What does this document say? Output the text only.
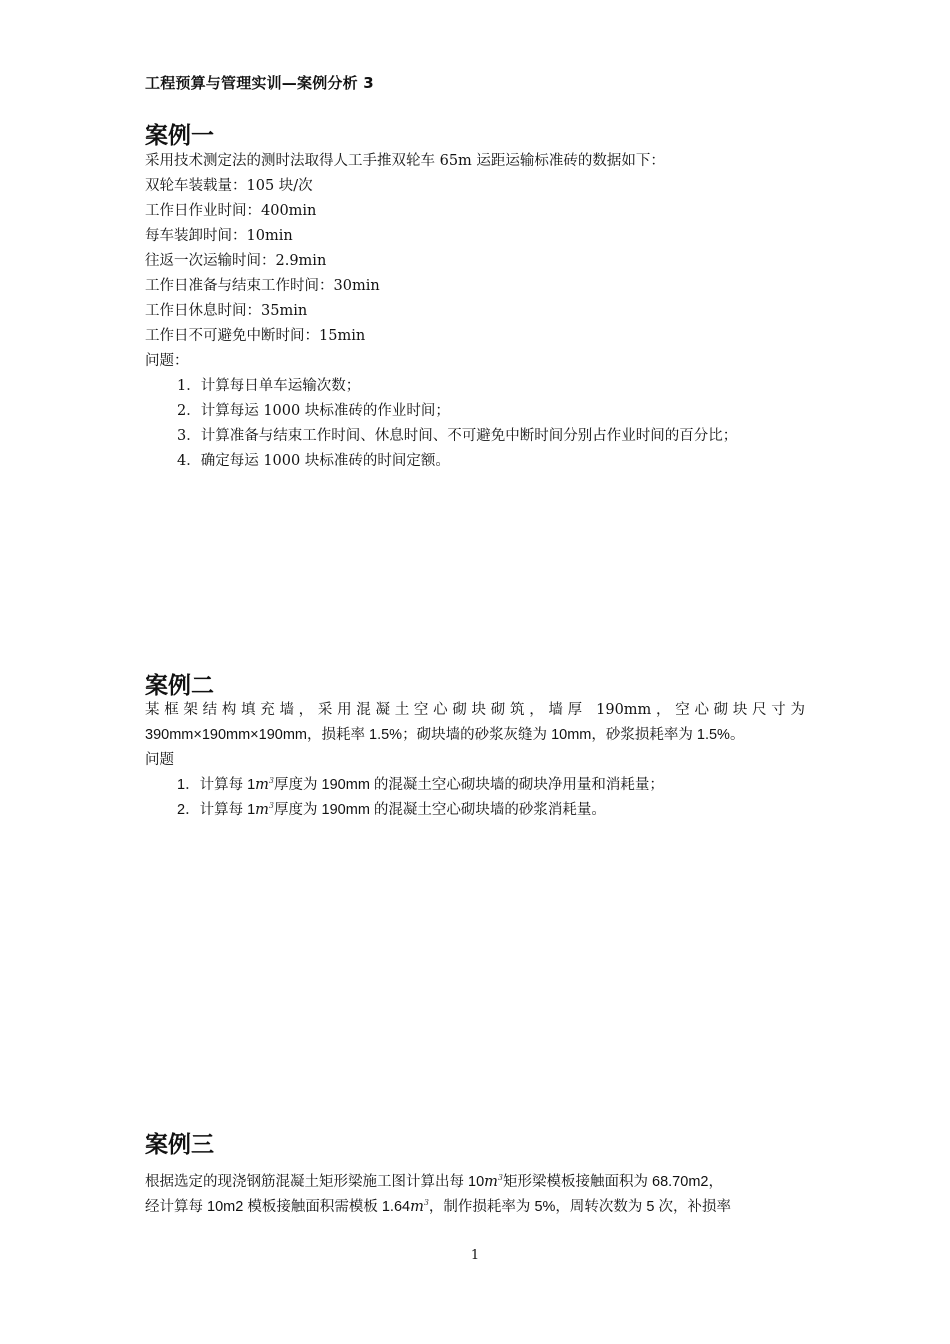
工程预算与管理实训—案例分析 3
案例一
采用技术测定法的测时法取得人工手推双轮车 65m 运距运输标准砖的数据如下：
双轮车装载量：105 块/次
工作日作业时间：400min
每车装卸时间：10min
往返一次运输时间：2.9min
工作日准备与结束工作时间：30min
工作日休息时间：35min
工作日不可避免中断时间：15min
问题：
1．计算每日单车运输次数；
2．计算每运 1000 块标准砖的作业时间；
3．计算准备与结束工作时间、休息时间、不可避免中断时间分别占作业时间的百分比；
4．确定每运 1000 块标准砖的时间定额。
案例二
某框架结构填充墙，采用混凝土空心砌块砌筑，墙厚 190mm，空心砌块尺寸为
390mm×190mm×190mm，损耗率 1.5%；砌块墙的砂浆灰缝为 10mm，砂浆损耗率为 1.5%。
问题
1．计算每 $1m^3$厚度为 190mm 的混凝土空心砌块墙的砌块净用量和消耗量；
2．计算每 $1m^3$厚度为 190mm 的混凝土空心砌块墙的砂浆消耗量。
案例三
根据选定的现浇钢筋混凝土矩形梁施工图计算出每 $10m^3$矩形梁模板接触面积为 68.70m2，
经计算每 10m2 模板接触面积需模板 $1.64m^3$，制作损耗率为 5%，周转次数为 5 次，补损率
1
